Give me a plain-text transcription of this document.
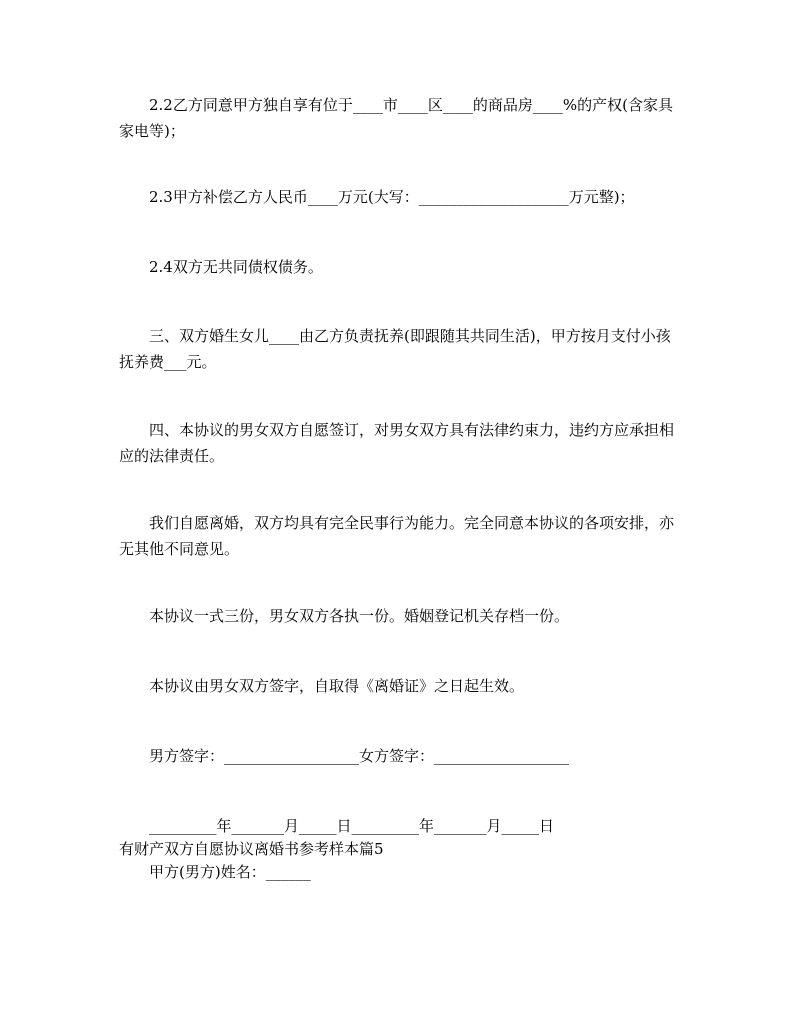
2.2乙方同意甲方独自享有位于____市____区____的商品房____%的产权(含家具家电等)；

2.3甲方补偿乙方人民币____万元(大写：____________________万元整)；

2.4双方无共同债权债务。

三、双方婚生女儿____由乙方负责抚养(即跟随其共同生活)，甲方按月支付小孩抚养费___元。

四、本协议的男女双方自愿签订，对男女双方具有法律约束力，违约方应承担相应的法律责任。

我们自愿离婚，双方均具有完全民事行为能力。完全同意本协议的各项安排，亦无其他不同意见。

本协议一式三份，男女双方各执一份。婚姻登记机关存档一份。

本协议由男女双方签字，自取得《离婚证》之日起生效。

男方签字：__________________女方签字：__________________

_________年_______月_____日_________年_______月_____日

有财产双方自愿协议离婚书参考样本篇5

甲方(男方)姓名：______
